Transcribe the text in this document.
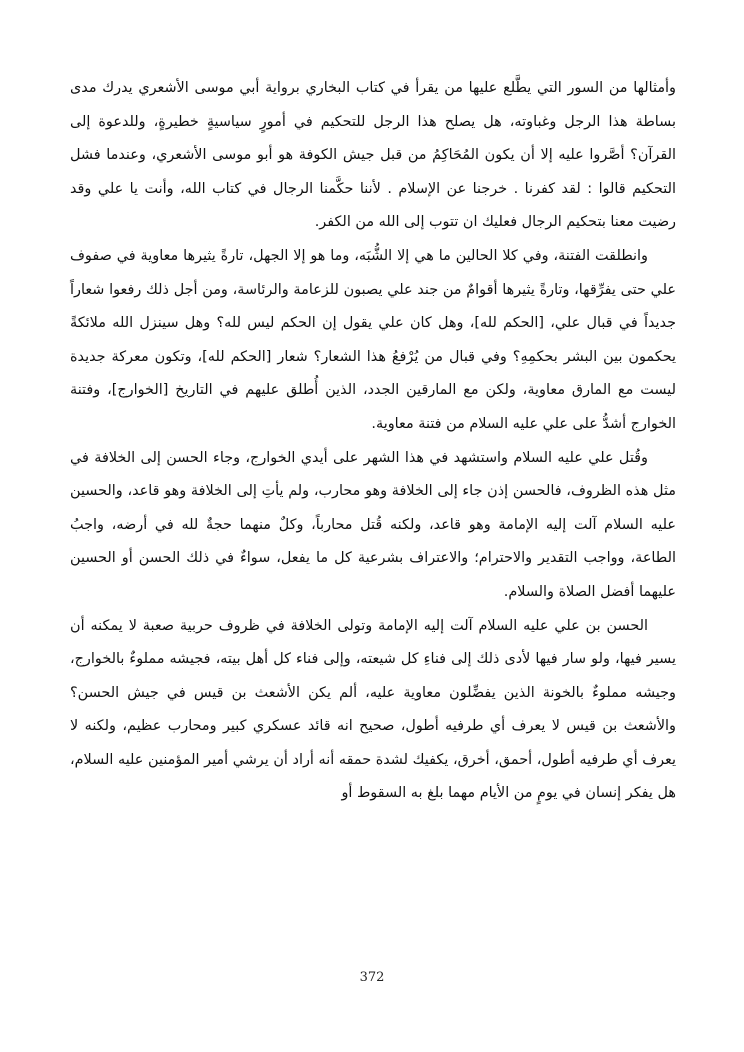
وأمثالها من السور التي يطَّلع عليها من يقرأ في كتاب البخاري برواية أبي موسى الأشعري يدرك مدى بساطة هذا الرجل وغباوته، هل يصلح هذا الرجل للتحكيم في أمورٍ سياسيةٍ خطيرةٍ، وللدعوة إلى القرآن؟ أصَّروا عليه إلا أن يكون المُحَاكِمُ من قبل جيش الكوفة هو أبو موسى الأشعري، وعندما فشل التحكيم قالوا : لقد كفرنا . خرجنا عن الإسلام . لأننا حكَّمنا الرجال في كتاب الله، وأنت يا علي وقد رضيت معنا بتحكيم الرجال فعليك ان تتوب إلى الله من الكفر.

وانطلقت الفتنة، وفي كلا الحالين ما هي إلا الشُّبَه، وما هو إلا الجهل، تارةً يثيرها معاوية في صفوف علي حتى يفرِّقها، وتارةً يثيرها أقوامٌ من جند علي يصبون للزعامة والرئاسة، ومن أجل ذلك رفعوا شعاراً جديداً في قبال علي، [الحكم لله]، وهل كان علي يقول إن الحكم ليس لله؟ وهل سينزل الله ملائكةً يحكمون بين البشر بحكمِهِ؟ وفي قبال من يُرْفعُ هذا الشعار؟ شعار [الحكم لله]، وتكون معركة جديدة ليست مع المارق معاوية، ولكن مع المارقين الجدد، الذين أُطلق عليهم في التاريخ [الخوارج]، وفتنة الخوارج أشدُّ على علي عليه السلام من فتنة معاوية.

وقُتل علي عليه السلام واستشهد في هذا الشهر على أيدي الخوارج، وجاء الحسن إلى الخلافة في مثل هذه الظروف، فالحسن إذن جاء إلى الخلافة وهو محارب، ولم يأتِ إلى الخلافة وهو قاعد، والحسين عليه السلام آلت إليه الإمامة وهو قاعد، ولكنه قُتل محارباً، وكلٌ منهما حجةٌ لله في أرضه، واجبُ الطاعة، وواجب التقدير والاحترام؛ والاعتراف بشرعية كل ما يفعل، سواءٌ في ذلك الحسن أو الحسين عليهما أفضل الصلاة والسلام.

الحسن بن علي عليه السلام آلت إليه الإمامة وتولى الخلافة في ظروف حربية صعبة لا يمكنه أن يسير فيها، ولو سار فيها لأدى ذلك إلى فناءِ كل شيعته، وإلى فناء كل أهل بيته، فجيشه مملوءٌ بالخوارج، وجيشه مملوءٌ بالخونة الذين يفضِّلون معاوية عليه، ألم يكن الأشعث بن قيس في جيش الحسن؟ والأشعث بن قيس لا يعرف أي طرفيه أطول، صحيح انه قائد عسكري كبير ومحارب عظيم، ولكنه لا يعرف أي طرفيه أطول، أحمق، أخرق، يكفيك لشدة حمقه أنه أراد أن يرشي أمير المؤمنين عليه السلام، هل يفكر إنسان في يومٍ من الأيام مهما بلغ به السقوط أو

372
